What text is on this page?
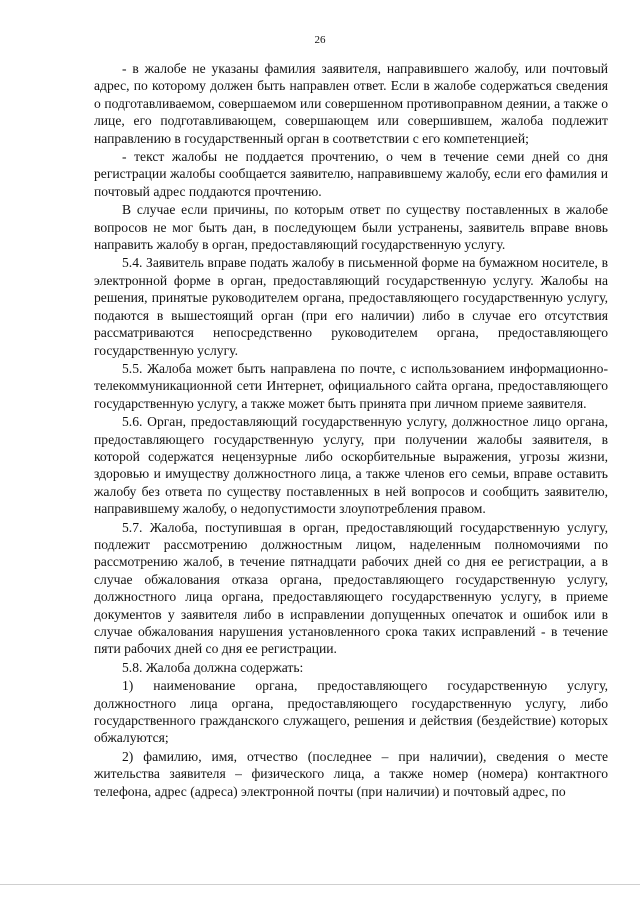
26

- в жалобе не указаны фамилия заявителя, направившего жалобу, или почтовый адрес, по которому должен быть направлен ответ. Если в жалобе содержаться сведения о подготавливаемом, совершаемом или совершенном противоправном деянии, а также о лице, его подготавливающем, совершающем или совершившем, жалоба подлежит направлению в государственный орган в соответствии с его компетенцией;

- текст жалобы не поддается прочтению, о чем в течение семи дней со дня регистрации жалобы сообщается заявителю, направившему жалобу, если его фамилия и почтовый адрес поддаются прочтению.

В случае если причины, по которым ответ по существу поставленных в жалобе вопросов не мог быть дан, в последующем были устранены, заявитель вправе вновь направить жалобу в орган, предоставляющий государственную услугу.

5.4. Заявитель вправе подать жалобу в письменной форме на бумажном носителе, в электронной форме в орган, предоставляющий государственную услугу. Жалобы на решения, принятые руководителем органа, предоставляющего государственную услугу, подаются в вышестоящий орган (при его наличии) либо в случае его отсутствия рассматриваются непосредственно руководителем органа, предоставляющего государственную услугу.

5.5. Жалоба может быть направлена по почте, с использованием информационно-телекоммуникационной сети Интернет, официального сайта органа, предоставляющего государственную услугу, а также может быть принята при личном приеме заявителя.

5.6. Орган, предоставляющий государственную услугу, должностное лицо органа, предоставляющего государственную услугу, при получении жалобы заявителя, в которой содержатся нецензурные либо оскорбительные выражения, угрозы жизни, здоровью и имуществу должностного лица, а также членов его семьи, вправе оставить жалобу без ответа по существу поставленных в ней вопросов и сообщить заявителю, направившему жалобу, о недопустимости злоупотребления правом.

5.7. Жалоба, поступившая в орган, предоставляющий государственную услугу, подлежит рассмотрению должностным лицом, наделенным полномочиями по рассмотрению жалоб, в течение пятнадцати рабочих дней со дня ее регистрации, а в случае обжалования отказа органа, предоставляющего государственную услугу, должностного лица органа, предоставляющего государственную услугу, в приеме документов у заявителя либо в исправлении допущенных опечаток и ошибок или в случае обжалования нарушения установленного срока таких исправлений - в течение пяти рабочих дней со дня ее регистрации.

5.8. Жалоба должна содержать:

1) наименование органа, предоставляющего государственную услугу, должностного лица органа, предоставляющего государственную услугу, либо государственного гражданского служащего, решения и действия (бездействие) которых обжалуются;

2) фамилию, имя, отчество (последнее – при наличии), сведения о месте жительства заявителя – физического лица, а также номер (номера) контактного телефона, адрес (адреса) электронной почты (при наличии) и почтовый адрес, по
